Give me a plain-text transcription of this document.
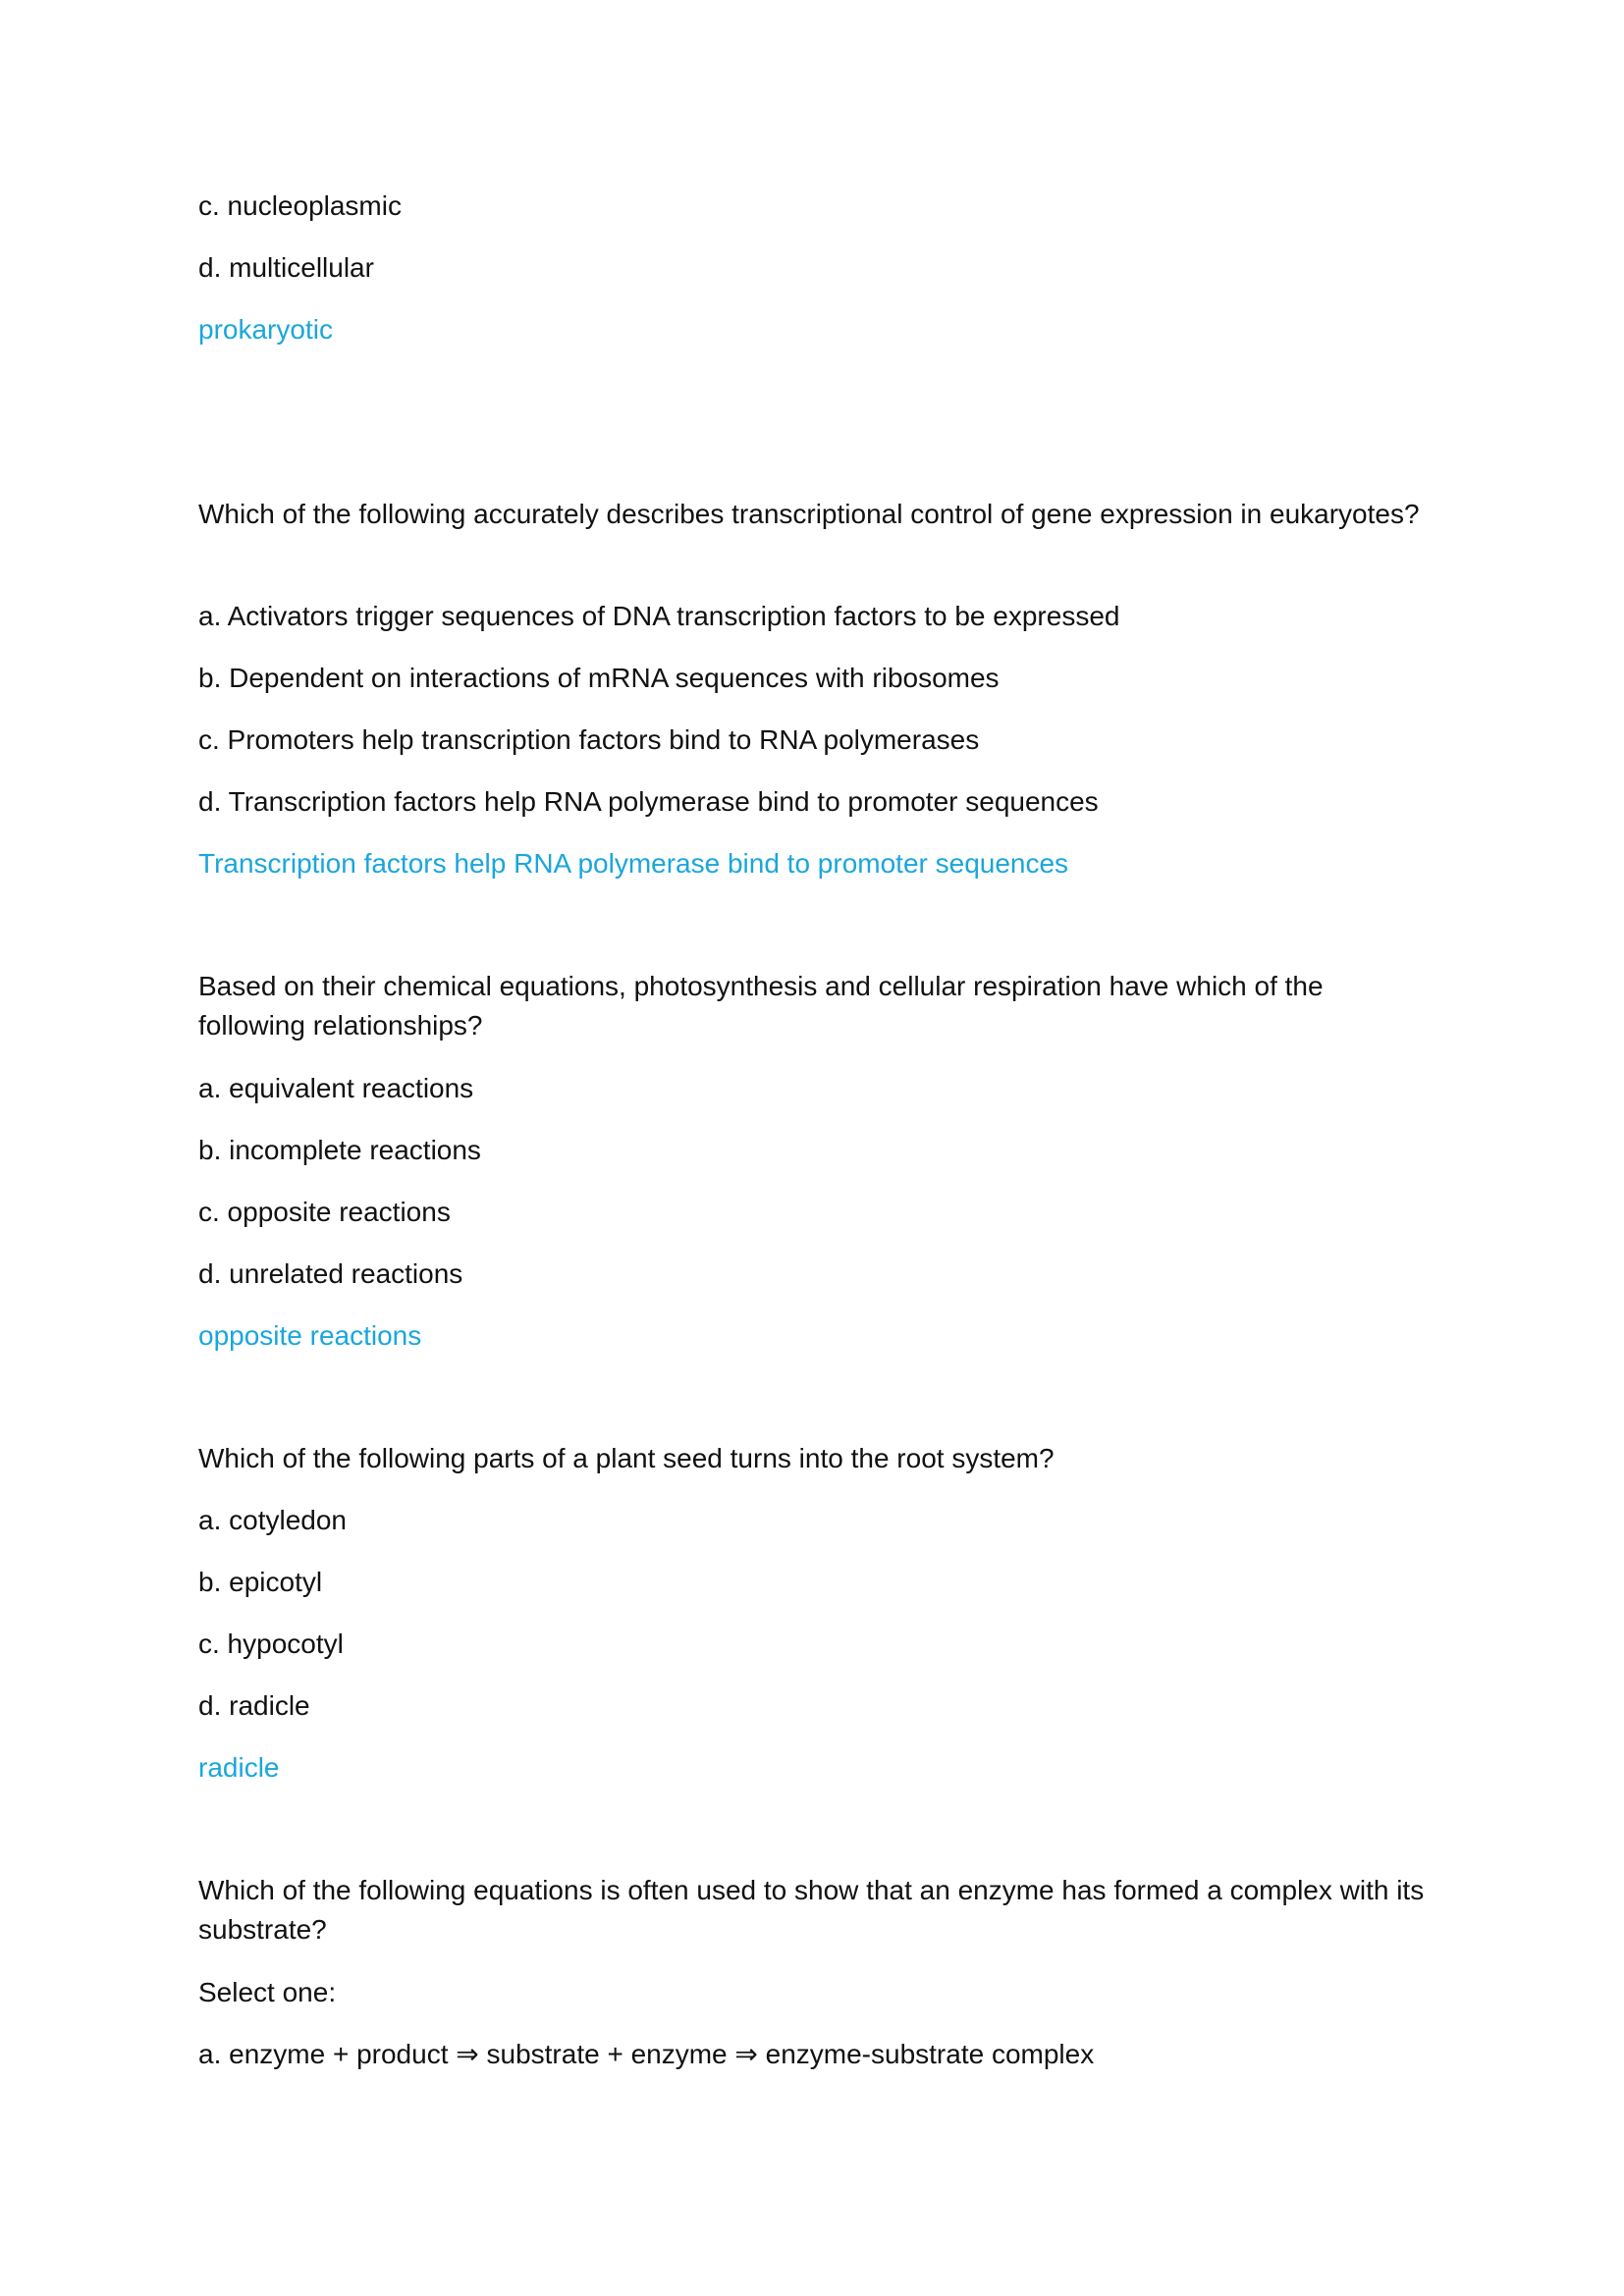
c. nucleoplasmic

d. multicellular

prokaryotic

Which of the following accurately describes transcriptional control of gene expression in eukaryotes?

a. Activators trigger sequences of DNA transcription factors to be expressed

b. Dependent on interactions of mRNA sequences with ribosomes

c. Promoters help transcription factors bind to RNA polymerases

d. Transcription factors help RNA polymerase bind to promoter sequences

Transcription factors help RNA polymerase bind to promoter sequences

Based on their chemical equations, photosynthesis and cellular respiration have which of the following relationships?

a. equivalent reactions

b. incomplete reactions

c. opposite reactions

d. unrelated reactions

opposite reactions

Which of the following parts of a plant seed turns into the root system?

a. cotyledon

b. epicotyl

c. hypocotyl

d. radicle

radicle

Which of the following equations is often used to show that an enzyme has formed a complex with its substrate?

Select one:

a. enzyme + product ⇒ substrate + enzyme ⇒ enzyme-substrate complex
